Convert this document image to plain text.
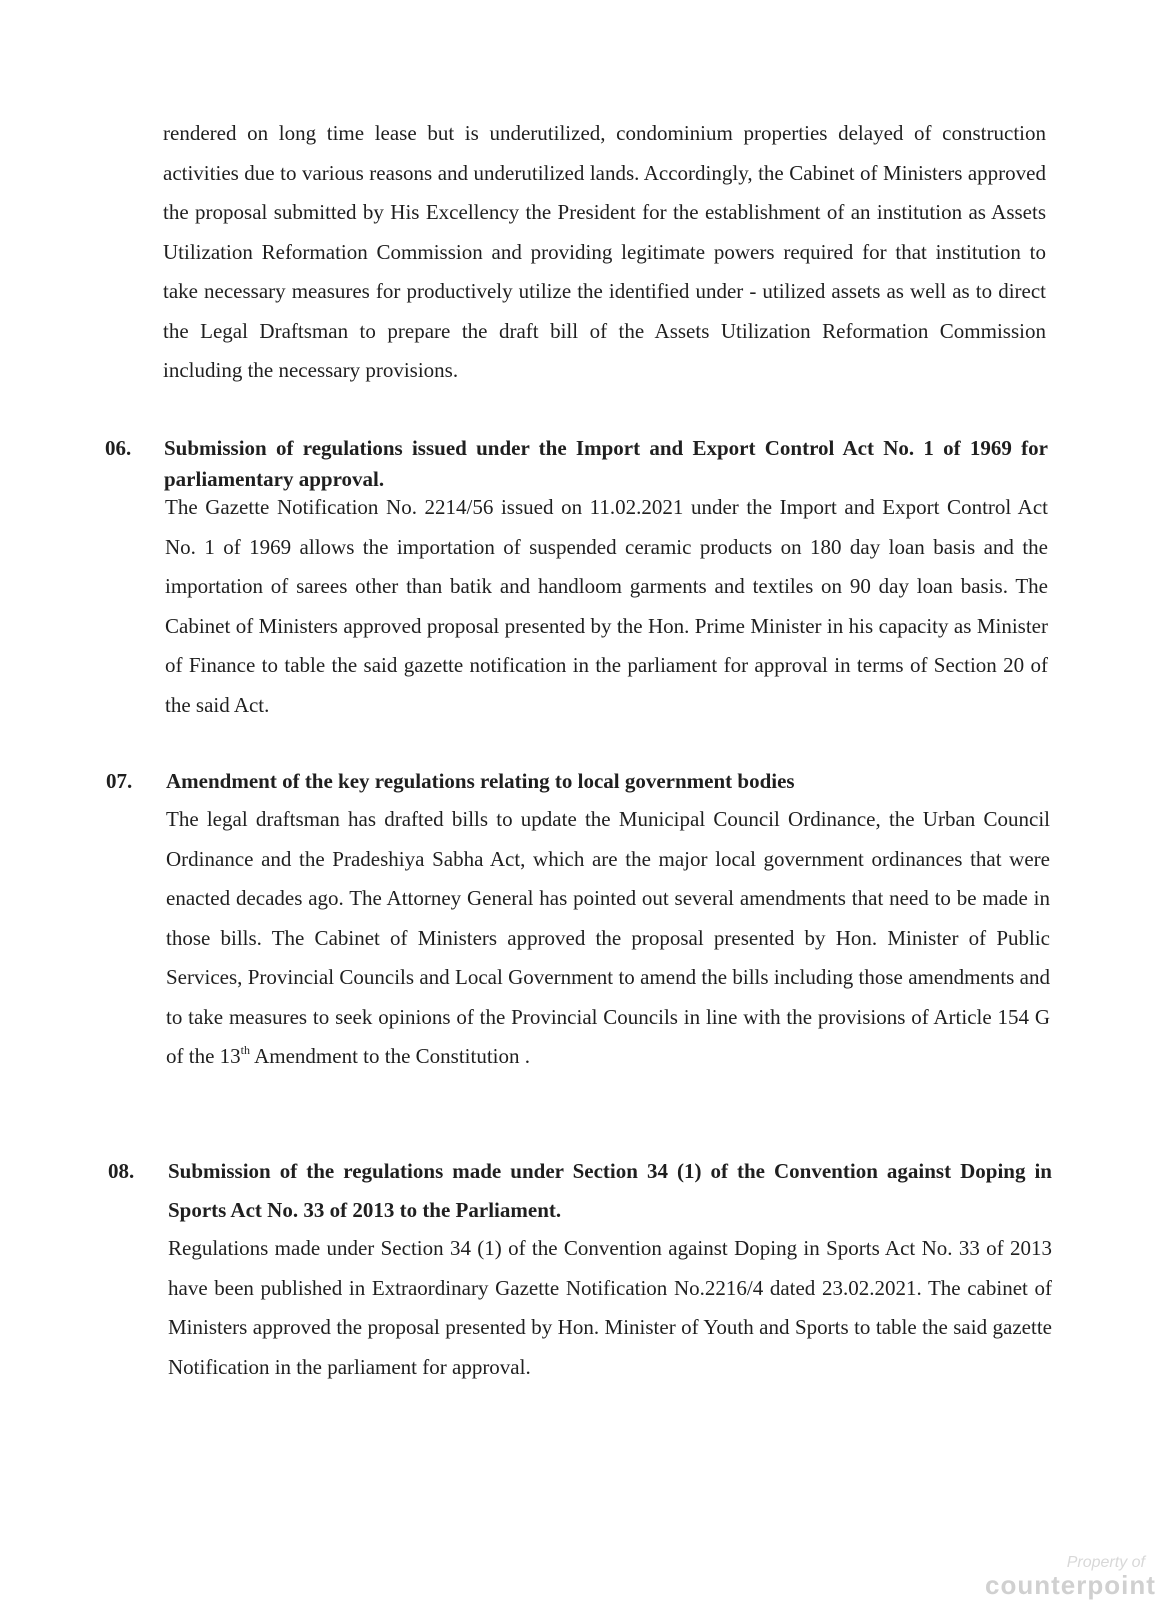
rendered on long time lease but is underutilized, condominium properties delayed of construction activities due to various reasons and underutilized lands. Accordingly, the Cabinet of Ministers approved the proposal submitted by His Excellency the President for the establishment of an institution as Assets Utilization Reformation Commission and providing legitimate powers required for that institution to take necessary measures for productively utilize the identified under - utilized assets as well as to direct the Legal Draftsman to prepare the draft bill of the Assets Utilization Reformation Commission including the necessary provisions.

06. Submission of regulations issued under the Import and Export Control Act No. 1 of 1969 for parliamentary approval.

The Gazette Notification No. 2214/56 issued on 11.02.2021 under the Import and Export Control Act No. 1 of 1969 allows the importation of suspended ceramic products on 180 day loan basis and the importation of sarees other than batik and handloom garments and textiles on 90 day loan basis. The Cabinet of Ministers approved proposal presented by the Hon. Prime Minister in his capacity as Minister of Finance to table the said gazette notification in the parliament for approval in terms of Section 20 of the said Act.

07. Amendment of the key regulations relating to local government bodies

The legal draftsman has drafted bills to update the Municipal Council Ordinance, the Urban Council Ordinance and the Pradeshiya Sabha Act, which are the major local government ordinances that were enacted decades ago. The Attorney General has pointed out several amendments that need to be made in those bills. The Cabinet of Ministers approved the proposal presented by Hon. Minister of Public Services, Provincial Councils and Local Government to amend the bills including those amendments and to take measures to seek opinions of the Provincial Councils in line with the provisions of Article 154 G of the 13th Amendment to the Constitution .

08. Submission of the regulations made under Section 34 (1) of the Convention against Doping in Sports Act No. 33 of 2013 to the Parliament.

Regulations made under Section 34 (1) of the Convention against Doping in Sports Act No. 33 of 2013 have been published in Extraordinary Gazette Notification No.2216/4 dated 23.02.2021. The cabinet of Ministers approved the proposal presented by Hon. Minister of Youth and Sports to table the said gazette Notification in the parliament for approval.

Property of
counterpoint
